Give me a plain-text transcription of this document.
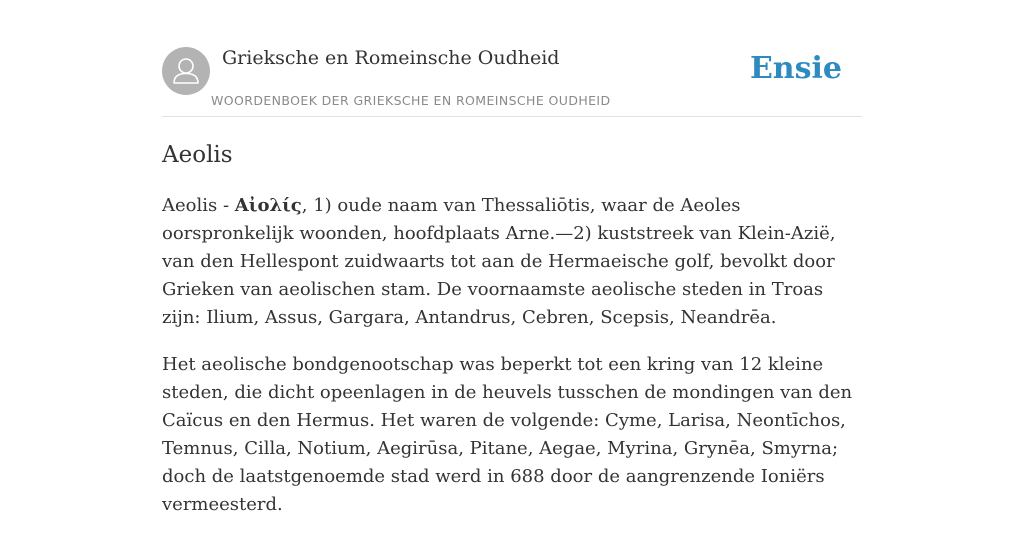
Grieksche en Romeinsche Oudheid
WOORDENBOEK DER GRIEKSCHE EN ROMEINSCHE OUDHEID
Ensie
Aeolis

Aeolis - Αἰολίς, 1) oude naam van Thessaliōtis, waar de Aeoles oorspronkelijk woonden, hoofdplaats Arne.—2) kuststreek van Klein-Azië, van den Hellespont zuidwaarts tot aan de Hermaeische golf, bevolkt door Grieken van aeolischen stam. De voornaamste aeolische steden in Troas zijn: Ilium, Assus, Gargara, Antandrus, Cebren, Scepsis, Neandrēa.

Het aeolische bondgenootschap was beperkt tot een kring van 12 kleine steden, die dicht opeenlagen in de heuvels tusschen de mondingen van den Caïcus en den Hermus. Het waren de volgende: Cyme, Larisa, Neontīchos, Temnus, Cilla, Notium, Aegirūsa, Pitane, Aegae, Myrina, Grynēa, Smyrna; doch de laatstgenoemde stad werd in 688 door de aangrenzende Ioniërs vermeesterd.
